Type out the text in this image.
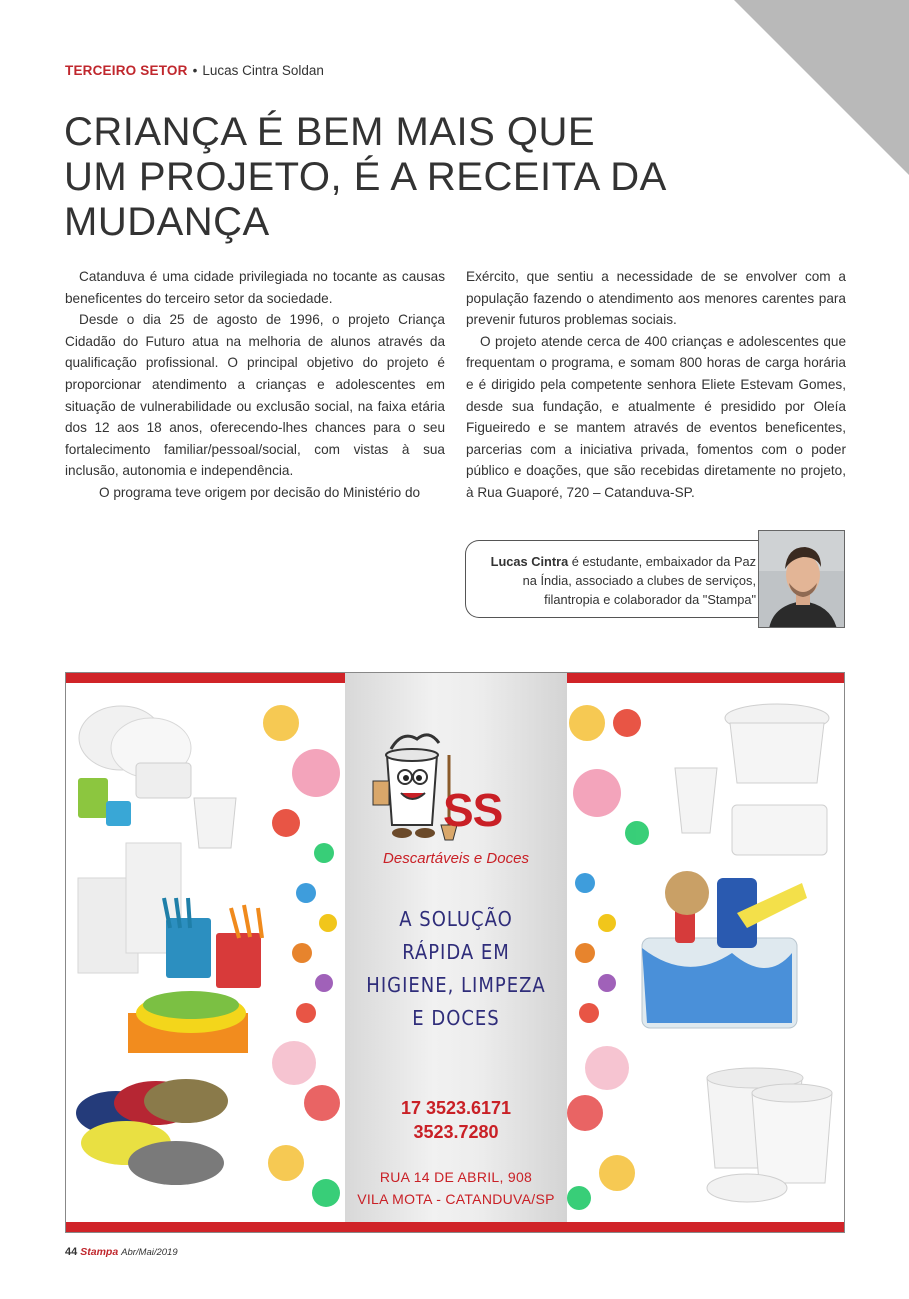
TERCEIRO SETOR • Lucas Cintra Soldan
CRIANÇA É BEM MAIS QUE
UM PROJETO, É A RECEITA DA
MUDANÇA

Catanduva é uma cidade privilegiada no tocante as causas beneficentes do terceiro setor da sociedade.

Desde o dia 25 de agosto de 1996, o projeto Criança Cidadão do Futuro atua na melhoria de alunos através da qualificação profissional. O principal objetivo do projeto é proporcionar atendimento a crianças e adolescentes em situação de vulnerabilidade ou exclusão social, na faixa etária dos 12 aos 18 anos, oferecendo-lhes chances para o seu fortalecimento familiar/pessoal/social, com vistas à sua inclusão, autonomia e independência.

O programa teve origem por decisão do Ministério do

Exército, que sentiu a necessidade de se envolver com a população fazendo o atendimento aos menores carentes para prevenir futuros problemas sociais.

O projeto atende cerca de 400 crianças e adolescentes que frequentam o programa, e somam 800 horas de carga horária e é dirigido pela competente senhora Eliete Estevam Gomes, desde sua fundação, e atualmente é presidido por Oleía Figueiredo e se mantem através de eventos beneficentes, parcerias com a iniciativa privada, fomentos com o poder público e doações, que são recebidas diretamente no projeto, à Rua Guaporé, 720 – Catanduva-SP.

Lucas Cintra é estudante, embaixador da Paz na Índia, associado a clubes de serviços, filantropia e colaborador da "Stampa"
SS
Descartáveis e Doces
A SOLUÇÃO
RÁPIDA EM
HIGIENE, LIMPEZA
E DOCES
17 3523.6171
3523.7280
RUA 14 DE ABRIL, 908
VILA MOTA - CATANDUVA/SP
44 Stampa Abr/Mai/2019
